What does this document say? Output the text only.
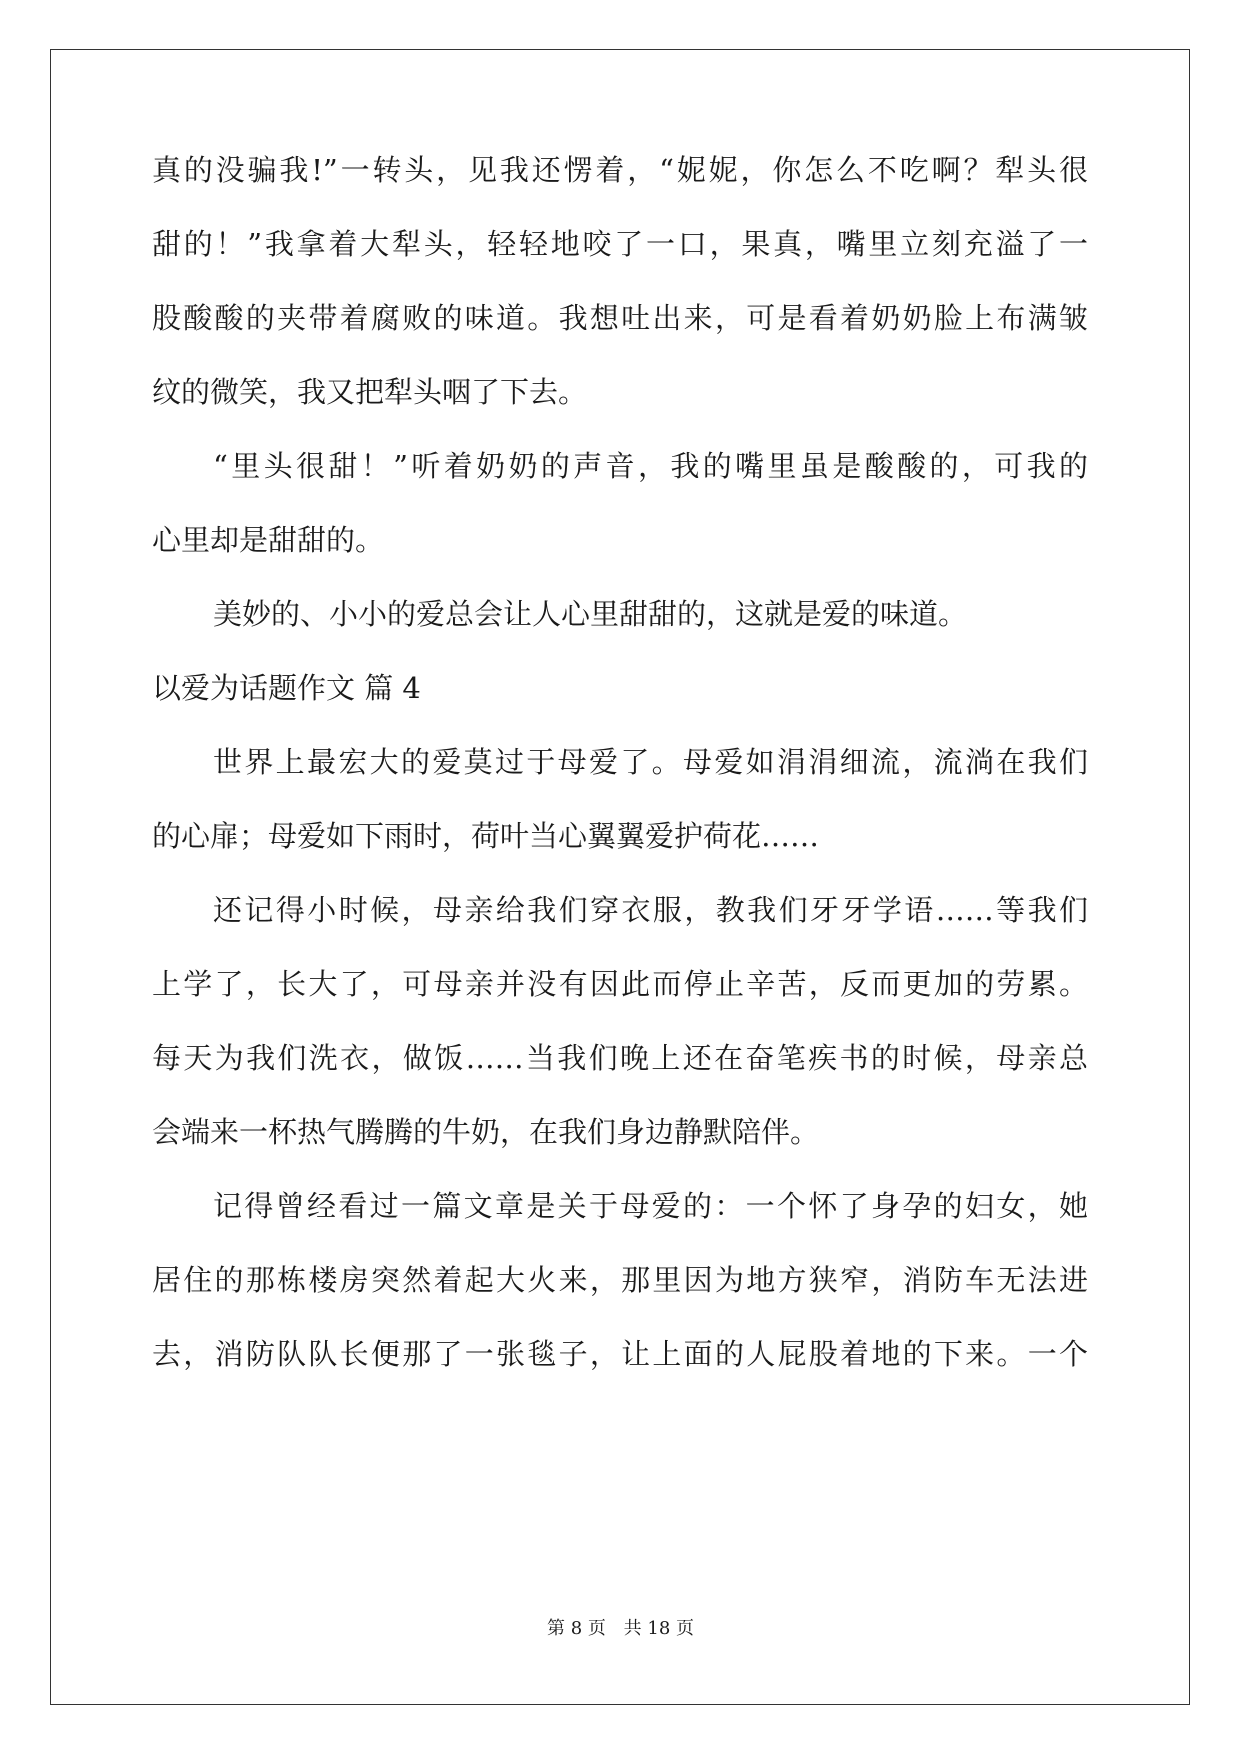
真的没骗我!”一转头，见我还愣着，“妮妮，你怎么不吃啊？犁头很
甜的！”我拿着大犁头，轻轻地咬了一口，果真，嘴里立刻充溢了一
股酸酸的夹带着腐败的味道。我想吐出来，可是看着奶奶脸上布满皱
纹的微笑，我又把犁头咽了下去。
“里头很甜！”听着奶奶的声音，我的嘴里虽是酸酸的，可我的
心里却是甜甜的。
美妙的、小小的爱总会让人心里甜甜的，这就是爱的味道。
以爱为话题作文 篇 4
世界上最宏大的爱莫过于母爱了。母爱如涓涓细流，流淌在我们
的心扉；母爱如下雨时，荷叶当心翼翼爱护荷花……
还记得小时候，母亲给我们穿衣服，教我们牙牙学语……等我们
上学了，长大了，可母亲并没有因此而停止辛苦，反而更加的劳累。
每天为我们洗衣，做饭……当我们晚上还在奋笔疾书的时候，母亲总
会端来一杯热气腾腾的牛奶，在我们身边静默陪伴。
记得曾经看过一篇文章是关于母爱的：一个怀了身孕的妇女，她
居住的那栋楼房突然着起大火来，那里因为地方狭窄，消防车无法进
去，消防队队长便那了一张毯子，让上面的人屁股着地的下来。一个
第 8 页 共 18 页
